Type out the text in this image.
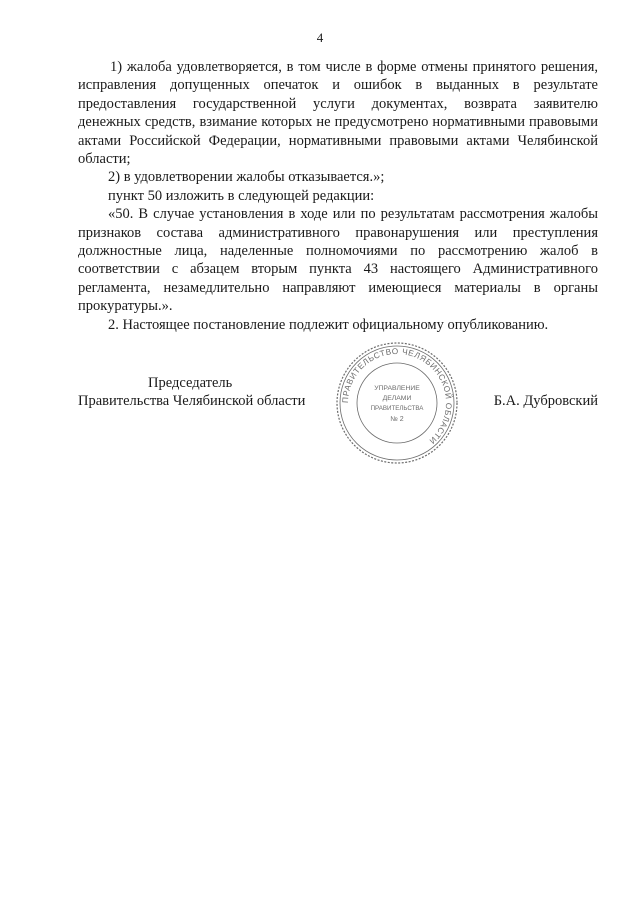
4

1) жалоба удовлетворяется, в том числе в форме отмены принятого решения, исправления допущенных опечаток и ошибок в выданных в результате предоставления государственной услуги документах, возврата заявителю денежных средств, взимание которых не предусмотрено нормативными правовыми актами Российской Федерации, нормативными правовыми актами Челябинской области;

2) в удовлетворении жалобы отказывается.»;

пункт 50 изложить в следующей редакции:

«50. В случае установления в ходе или по результатам рассмотрения жалобы признаков состава административного правонарушения или преступления должностные лица, наделенные полномочиями по рассмотрению жалоб в соответствии с абзацем вторым пункта 43 настоящего Административного регламента, незамедлительно направляют имеющиеся материалы в органы прокуратуры.».

2. Настоящее постановление подлежит официальному опубликованию.

Председатель
Правительства Челябинской области	ПРАВИТЕЛЬСТВО ЧЕЛЯБИНСКОЙ ОБЛАСТИ
УПРАВЛЕНИЕ
ДЕЛАМИ
ПРАВИТЕЛЬСТВА
№ 2
Б.А. Дубровский
